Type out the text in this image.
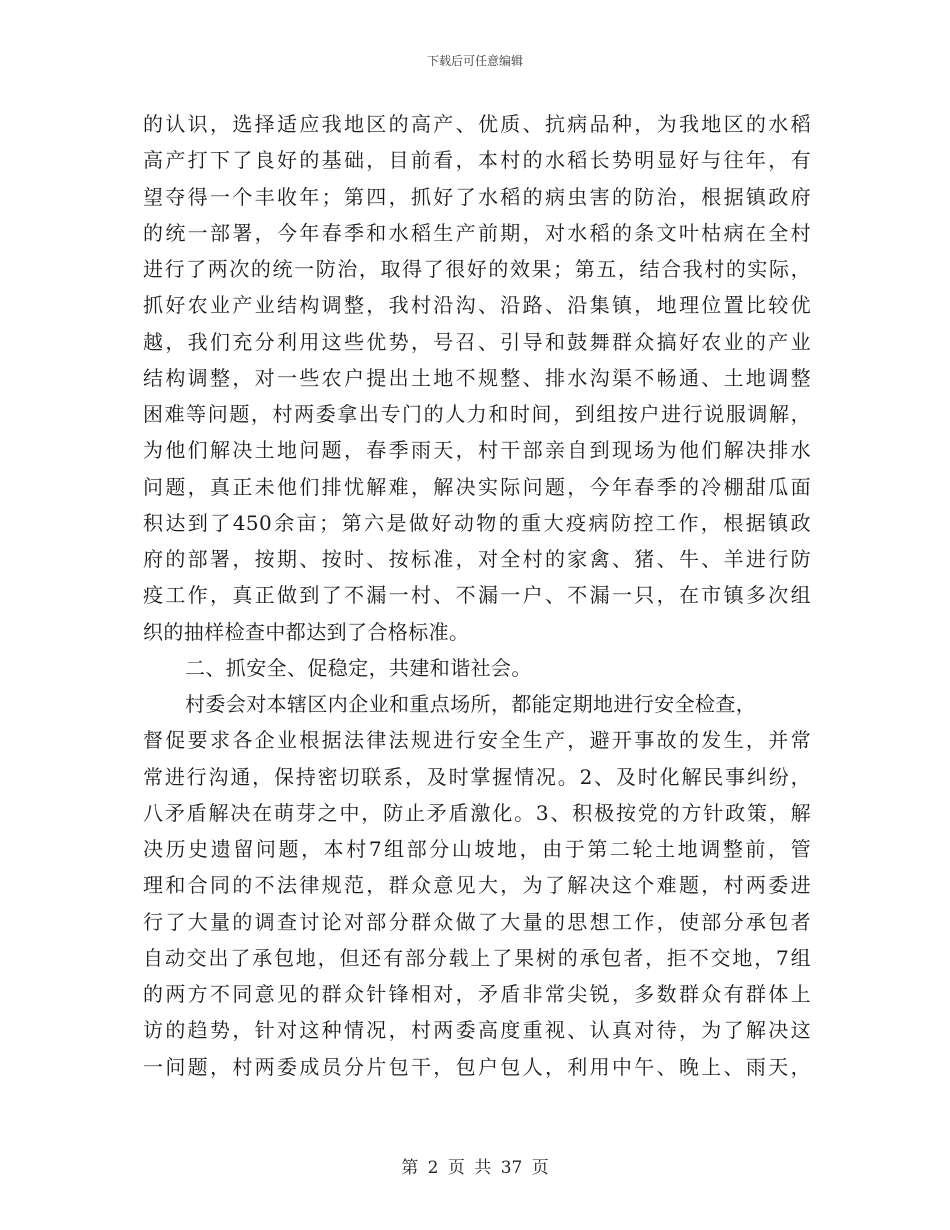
下载后可任意编辑
的认识，选择适应我地区的高产、优质、抗病品种，为我地区的水稻
高产打下了良好的基础，目前看，本村的水稻长势明显好与往年，有
望夺得一个丰收年；第四，抓好了水稻的病虫害的防治，根据镇政府
的统一部署，今年春季和水稻生产前期，对水稻的条文叶枯病在全村
进行了两次的统一防治，取得了很好的效果；第五，结合我村的实际，
抓好农业产业结构调整，我村沿沟、沿路、沿集镇，地理位置比较优
越，我们充分利用这些优势，号召、引导和鼓舞群众搞好农业的产业
结构调整，对一些农户提出土地不规整、排水沟渠不畅通、土地调整
困难等问题，村两委拿出专门的人力和时间，到组按户进行说服调解，
为他们解决土地问题，春季雨天，村干部亲自到现场为他们解决排水
问题，真正未他们排忧解难，解决实际问题，今年春季的冷棚甜瓜面
积达到了450余亩；第六是做好动物的重大疫病防控工作，根据镇政
府的部署，按期、按时、按标准，对全村的家禽、猪、牛、羊进行防
疫工作，真正做到了不漏一村、不漏一户、不漏一只，在市镇多次组
织的抽样检查中都达到了合格标准。
二、抓安全、促稳定，共建和谐社会。
村委会对本辖区内企业和重点场所，都能定期地进行安全检查，
督促要求各企业根据法律法规进行安全生产，避开事故的发生，并常
常进行沟通，保持密切联系，及时掌握情况。2、及时化解民事纠纷，
八矛盾解决在萌芽之中，防止矛盾激化。3、积极按党的方针政策，解
决历史遗留问题，本村7组部分山坡地，由于第二轮土地调整前，管
理和合同的不法律规范，群众意见大，为了解决这个难题，村两委进
行了大量的调查讨论对部分群众做了大量的思想工作，使部分承包者
自动交出了承包地，但还有部分载上了果树的承包者，拒不交地，7组
的两方不同意见的群众针锋相对，矛盾非常尖锐，多数群众有群体上
访的趋势，针对这种情况，村两委高度重视、认真对待，为了解决这
一问题，村两委成员分片包干，包户包人，利用中午、晚上、雨天，
第 2 页 共 37 页
